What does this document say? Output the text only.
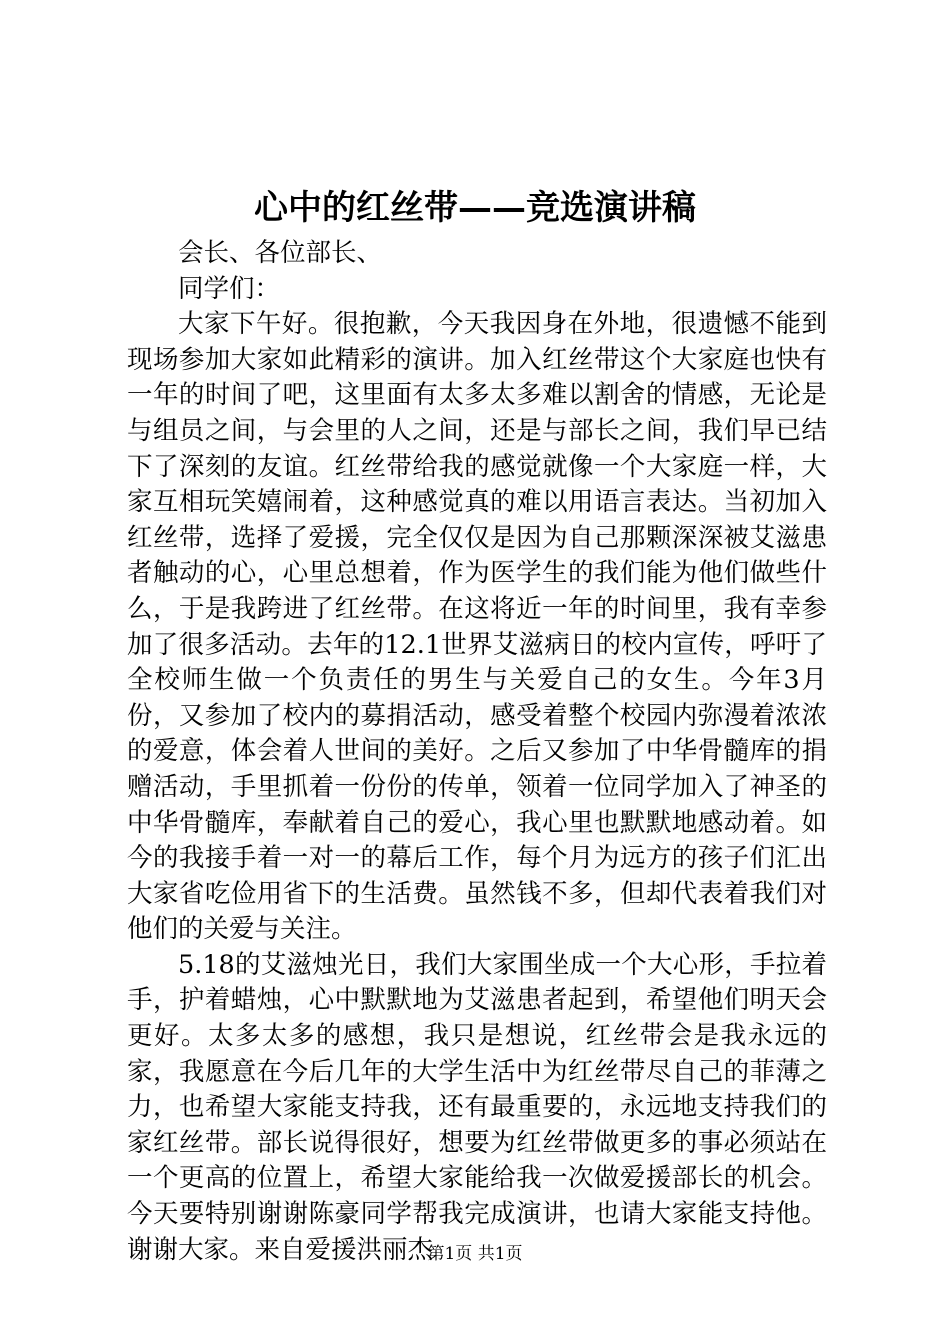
心中的红丝带——竞选演讲稿

会长、各位部长、

同学们：

大家下午好。很抱歉，今天我因身在外地，很遗憾不能到现场参加大家如此精彩的演讲。加入红丝带这个大家庭也快有一年的时间了吧，这里面有太多太多难以割舍的情感，无论是与组员之间，与会里的人之间，还是与部长之间，我们早已结下了深刻的友谊。红丝带给我的感觉就像一个大家庭一样，大家互相玩笑嬉闹着，这种感觉真的难以用语言表达。当初加入红丝带，选择了爱援，完全仅仅是因为自己那颗深深被艾滋患者触动的心，心里总想着，作为医学生的我们能为他们做些什么，于是我跨进了红丝带。在这将近一年的时间里，我有幸参加了很多活动。去年的12.1世界艾滋病日的校内宣传，呼吁了全校师生做一个负责任的男生与关爱自己的女生。今年3月份，又参加了校内的募捐活动，感受着整个校园内弥漫着浓浓的爱意，体会着人世间的美好。之后又参加了中华骨髓库的捐赠活动，手里抓着一份份的传单，领着一位同学加入了神圣的中华骨髓库，奉献着自己的爱心，我心里也默默地感动着。如今的我接手着一对一的幕后工作，每个月为远方的孩子们汇出大家省吃俭用省下的生活费。虽然钱不多，但却代表着我们对他们的关爱与关注。

5.18的艾滋烛光日，我们大家围坐成一个大心形，手拉着手，护着蜡烛，心中默默地为艾滋患者起到，希望他们明天会更好。太多太多的感想，我只是想说，红丝带会是我永远的家，我愿意在今后几年的大学生活中为红丝带尽自己的菲薄之力，也希望大家能支持我，还有最重要的，永远地支持我们的家红丝带。部长说得很好，想要为红丝带做更多的事必须站在一个更高的位置上，希望大家能给我一次做爱援部长的机会。今天要特别谢谢陈豪同学帮我完成演讲，也请大家能支持他。谢谢大家。来自爱援洪丽杰

第1页 共1页
